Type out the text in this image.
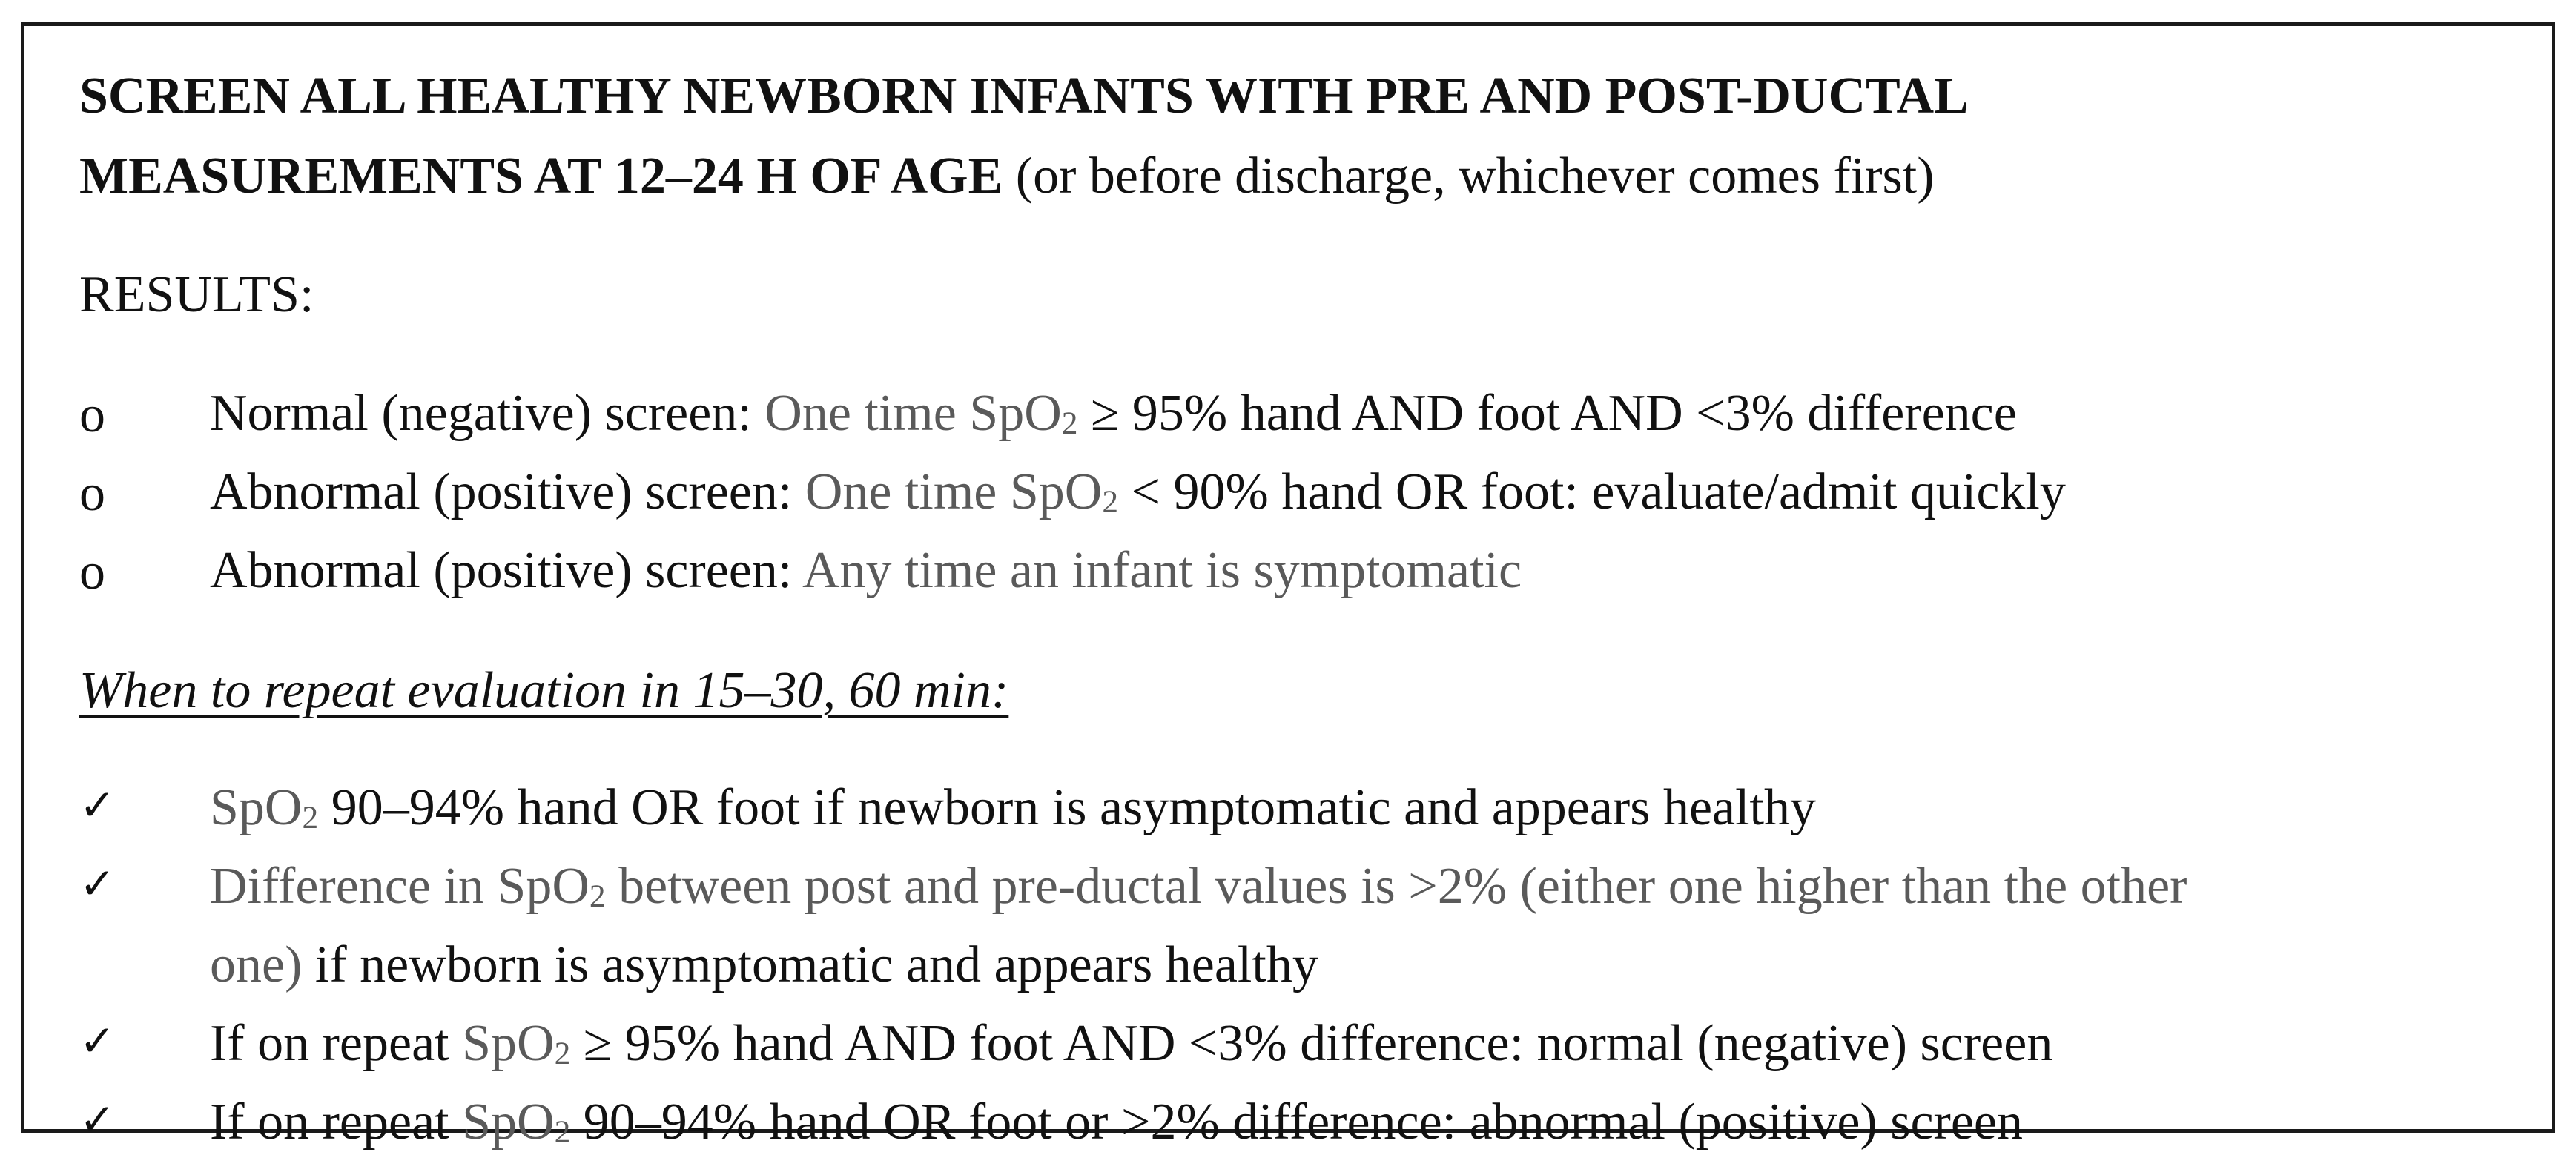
SCREEN ALL HEALTHY NEWBORN INFANTS WITH PRE AND POST-DUCTAL
MEASUREMENTS AT 12–24 H OF AGE (or before discharge, whichever comes first)
RESULTS:
o Normal (negative) screen: One time SpO2 ≥ 95% hand AND foot AND <3% difference
o Abnormal (positive) screen: One time SpO2 < 90% hand OR foot: evaluate/admit quickly
o Abnormal (positive) screen: Any time an infant is symptomatic
When to repeat evaluation in 15–30, 60 min:
✓ SpO2 90–94% hand OR foot if newborn is asymptomatic and appears healthy
✓ Difference in SpO2 between post and pre-ductal values is >2% (either one higher than the other
one) if newborn is asymptomatic and appears healthy
✓ If on repeat SpO2 ≥ 95% hand AND foot AND <3% difference: normal (negative) screen
✓ If on repeat SpO2 90–94% hand OR foot or >2% difference: abnormal (positive) screen
